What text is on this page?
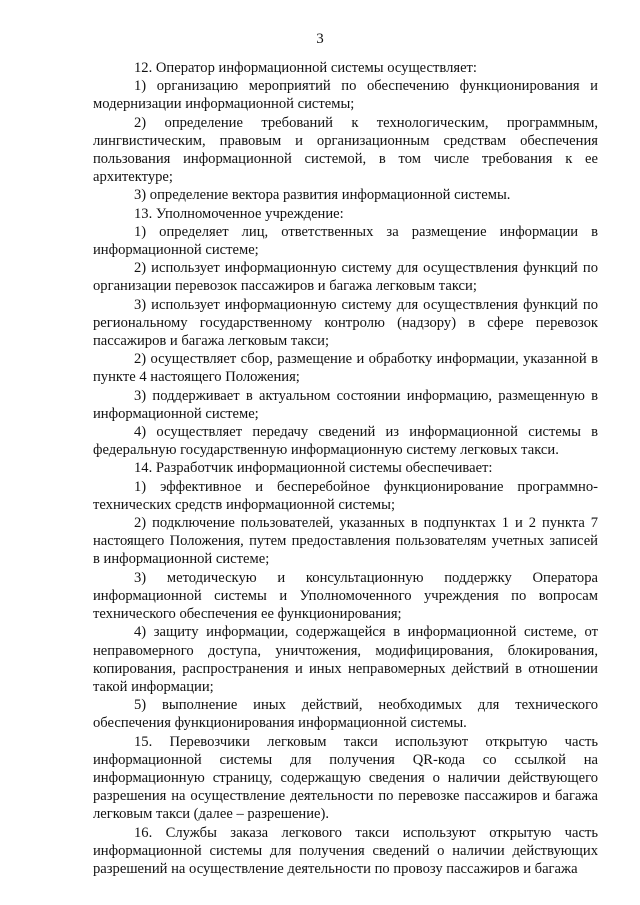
3

12. Оператор информационной системы осуществляет:

1) организацию мероприятий по обеспечению функционирования и модернизации информационной системы;

2) определение требований к технологическим, программным, лингвистическим, правовым и организационным средствам обеспечения пользования информационной системой, в том числе требования к ее архитектуре;

3) определение вектора развития информационной системы.

13. Уполномоченное учреждение:

1) определяет лиц, ответственных за размещение информации в информационной системе;

2) использует информационную систему для осуществления функций по организации перевозок пассажиров и багажа легковым такси;

3) использует информационную систему для осуществления функций по региональному государственному контролю (надзору) в сфере перевозок пассажиров и багажа легковым такси;

2) осуществляет сбор, размещение и обработку информации, указанной в пункте 4 настоящего Положения;

3) поддерживает в актуальном состоянии информацию, размещенную в информационной системе;

4) осуществляет передачу сведений из информационной системы в федеральную государственную информационную систему легковых такси.

14. Разработчик информационной системы обеспечивает:

1) эффективное и бесперебойное функционирование программно-технических средств информационной системы;

2) подключение пользователей, указанных в подпунктах 1 и 2 пункта 7 настоящего Положения, путем предоставления пользователям учетных записей в информационной системе;

3) методическую и консультационную поддержку Оператора информационной системы и Уполномоченного учреждения по вопросам технического обеспечения ее функционирования;

4) защиту информации, содержащейся в информационной системе, от неправомерного доступа, уничтожения, модифицирования, блокирования, копирования, распространения и иных неправомерных действий в отношении такой информации;

5) выполнение иных действий, необходимых для технического обеспечения функционирования информационной системы.

15. Перевозчики легковым такси используют открытую часть информационной системы для получения QR-кода со ссылкой на информационную страницу, содержащую сведения о наличии действующего разрешения на осуществление деятельности по перевозке пассажиров и багажа легковым такси (далее – разрешение).

16. Службы заказа легкового такси используют открытую часть информационной системы для получения сведений о наличии действующих разрешений на осуществление деятельности по провозу пассажиров и багажа
